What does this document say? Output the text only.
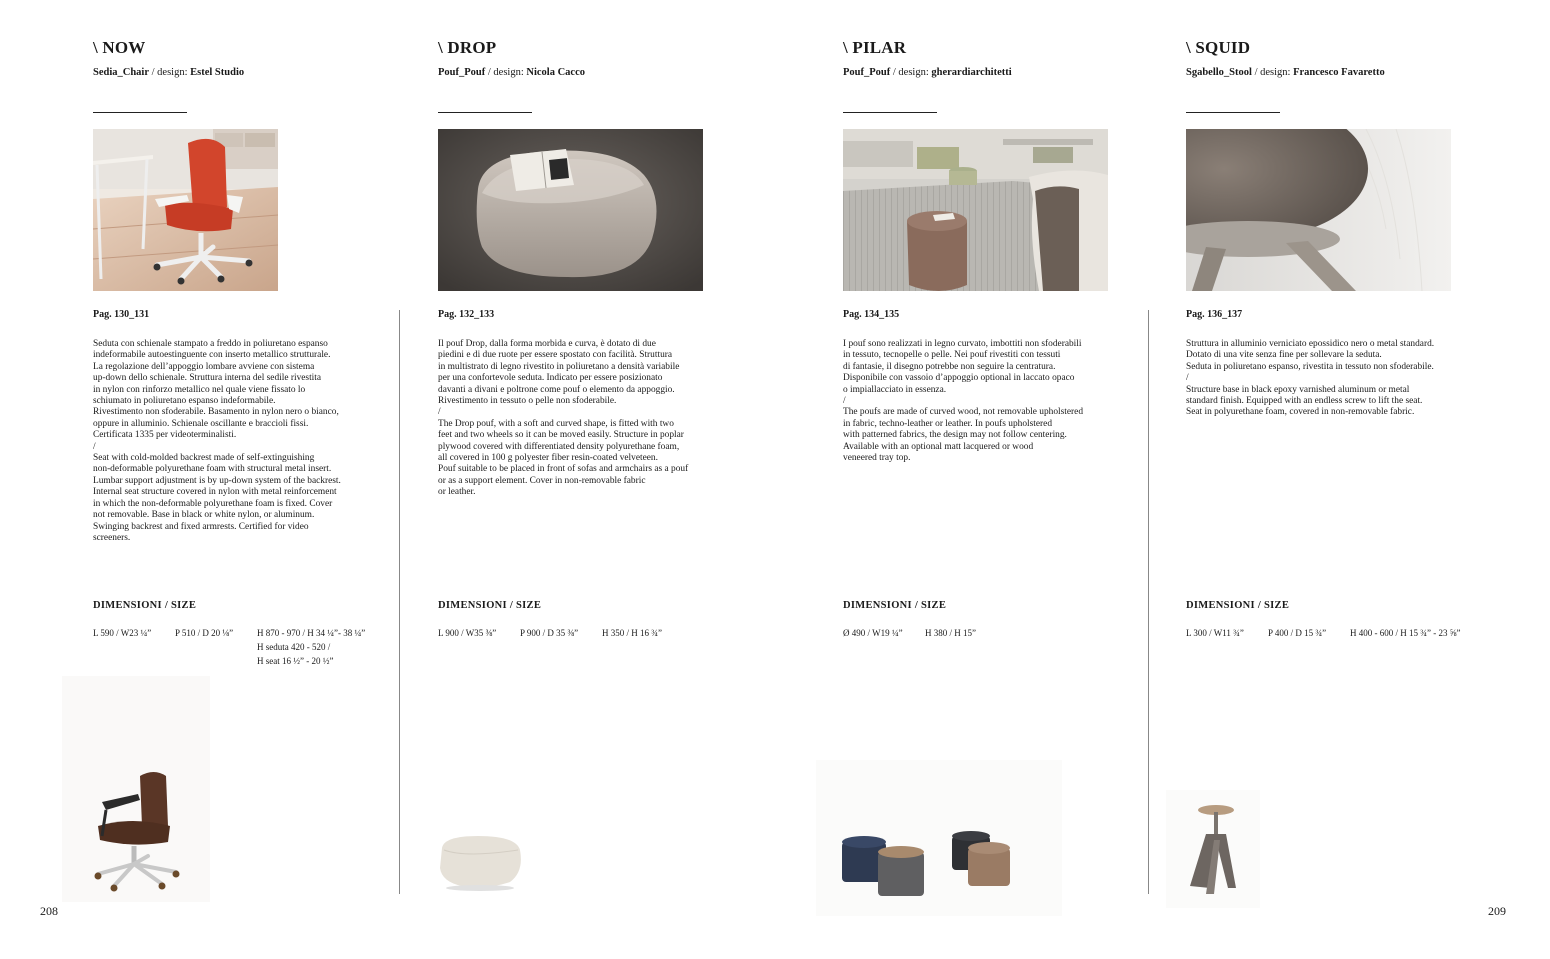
\ NOW
Sedia_Chair / design: Estel Studio
Pag. 130_131
Seduta con schienale stampato a freddo in poliuretano espanso
indeformabile autoestinguente con inserto metallico strutturale.
La regolazione dell’appoggio lombare avviene con sistema
up-down dello schienale. Struttura interna del sedile rivestita
in nylon con rinforzo metallico nel quale viene fissato lo
schiumato in poliuretano espanso indeformabile.
Rivestimento non sfoderabile. Basamento in nylon nero o bianco,
oppure in alluminio. Schienale oscillante e braccioli fissi.
Certificata 1335 per videoterminalisti.
/
Seat with cold-molded backrest made of self-extinguishing
non-deformable polyurethane foam with structural metal insert.
Lumbar support adjustment is by up-down system of the backrest.
Internal seat structure covered in nylon with metal reinforcement
in which the non-deformable polyurethane foam is fixed. Cover
not removable. Base in black or white nylon, or aluminum.
Swinging backrest and fixed armrests. Certified for video
screeners.
DIMENSIONI / SIZE
L 590 / W23 ¼”	P 510 / D 20 ⅛”	H 870 - 970 / H 34 ¼”- 38 ¼”
H seduta 420 - 520 /
H seat 16 ½” - 20 ½”
208
\ DROP
Pouf_Pouf / design: Nicola Cacco
Pag. 132_133
Il pouf Drop, dalla forma morbida e curva, è dotato di due
piedini e di due ruote per essere spostato con facilità. Struttura
in multistrato di legno rivestito in poliuretano a densità variabile
per una confortevole seduta. Indicato per essere posizionato
davanti a divani e poltrone come pouf o elemento da appoggio.
Rivestimento in tessuto o pelle non sfoderabile.
/
The Drop pouf, with a soft and curved shape, is fitted with two
feet and two wheels so it can be moved easily. Structure in poplar
plywood covered with differentiated density polyurethane foam,
all covered in 100 g polyester fiber resin-coated velveteen.
Pouf suitable to be placed in front of sofas and armchairs as a pouf
or as a support element. Cover in non-removable fabric
or leather.
DIMENSIONI / SIZE
L 900 / W35 ⅜”	P 900 / D 35 ⅜”	H 350 / H 16 ¾”
\ PILAR
Pouf_Pouf / design: gherardiarchitetti
Pag. 134_135
I pouf sono realizzati in legno curvato, imbottiti non sfoderabili
in tessuto, tecnopelle o pelle. Nei pouf rivestiti con tessuti
di fantasie, il disegno potrebbe non seguire la centratura.
Disponibile con vassoio d’appoggio optional in laccato opaco
o impiallacciato in essenza.
/
The poufs are made of curved wood, not removable upholstered
in fabric, techno-leather or leather. In poufs upholstered
with patterned fabrics, the design may not follow centering.
Available with an optional matt lacquered or wood
veneered tray top.
DIMENSIONI / SIZE
Ø 490 / W19 ¼” H 380 / H 15”
\ SQUID
Sgabello_Stool / design: Francesco Favaretto
Pag. 136_137
Struttura in alluminio verniciato epossidico nero o metal standard.
Dotato di una vite senza fine per sollevare la seduta.
Seduta in poliuretano espanso, rivestita in tessuto non sfoderabile.
/
Structure base in black epoxy varnished aluminum or metal
standard finish. Equipped with an endless screw to lift the seat.
Seat in polyurethane foam, covered in non-removable fabric.
DIMENSIONI / SIZE
L 300 / W11 ¾”	P 400 / D 15 ¾”	H 400 - 600 / H 15 ¾” - 23 ⅝”
209
